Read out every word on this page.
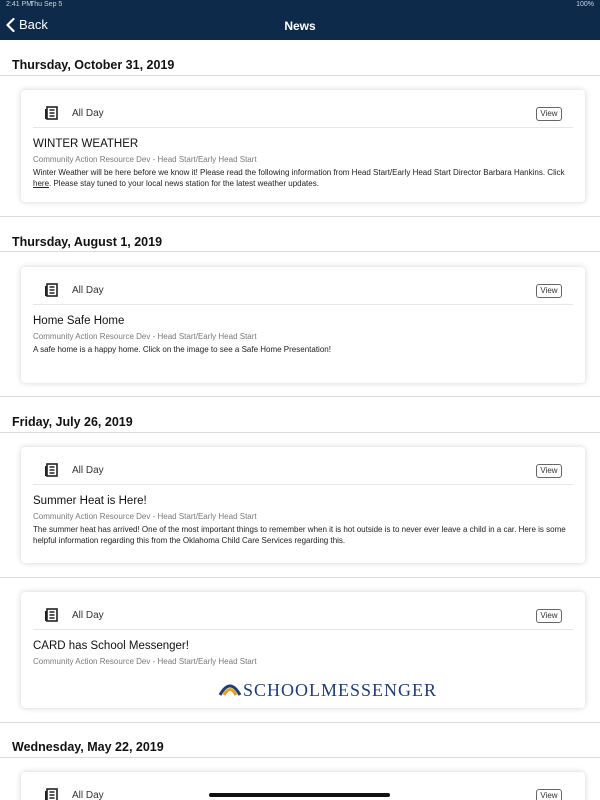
2:41 PM
Thu Sep 5	100%
Back	News
Thursday, October 31, 2019
All Day	View
WINTER WEATHER
Community Action Resource Dev - Head Start/Early Head Start
Winter Weather will be here before we know it! Please read the following information from Head Start/Early Head Start Director Barbara Hankins. Click here. Please stay tuned to your local news station for the latest weather updates.
Thursday, August 1, 2019
All Day	View
Home Safe Home
Community Action Resource Dev - Head Start/Early Head Start
A safe home is a happy home. Click on the image to see a Safe Home Presentation!
Friday, July 26, 2019
All Day	View
Summer Heat is Here!
Community Action Resource Dev - Head Start/Early Head Start
The summer heat has arrived! One of the most important things to remember when it is hot outside is to never ever leave a child in a car. Here is some helpful information regarding this from the Oklahoma Child Care Services regarding this.
All Day	View
CARD has School Messenger!
Community Action Resource Dev - Head Start/Early Head Start
SCHOOLMESSENGER
Wednesday, May 22, 2019
All Day	View
